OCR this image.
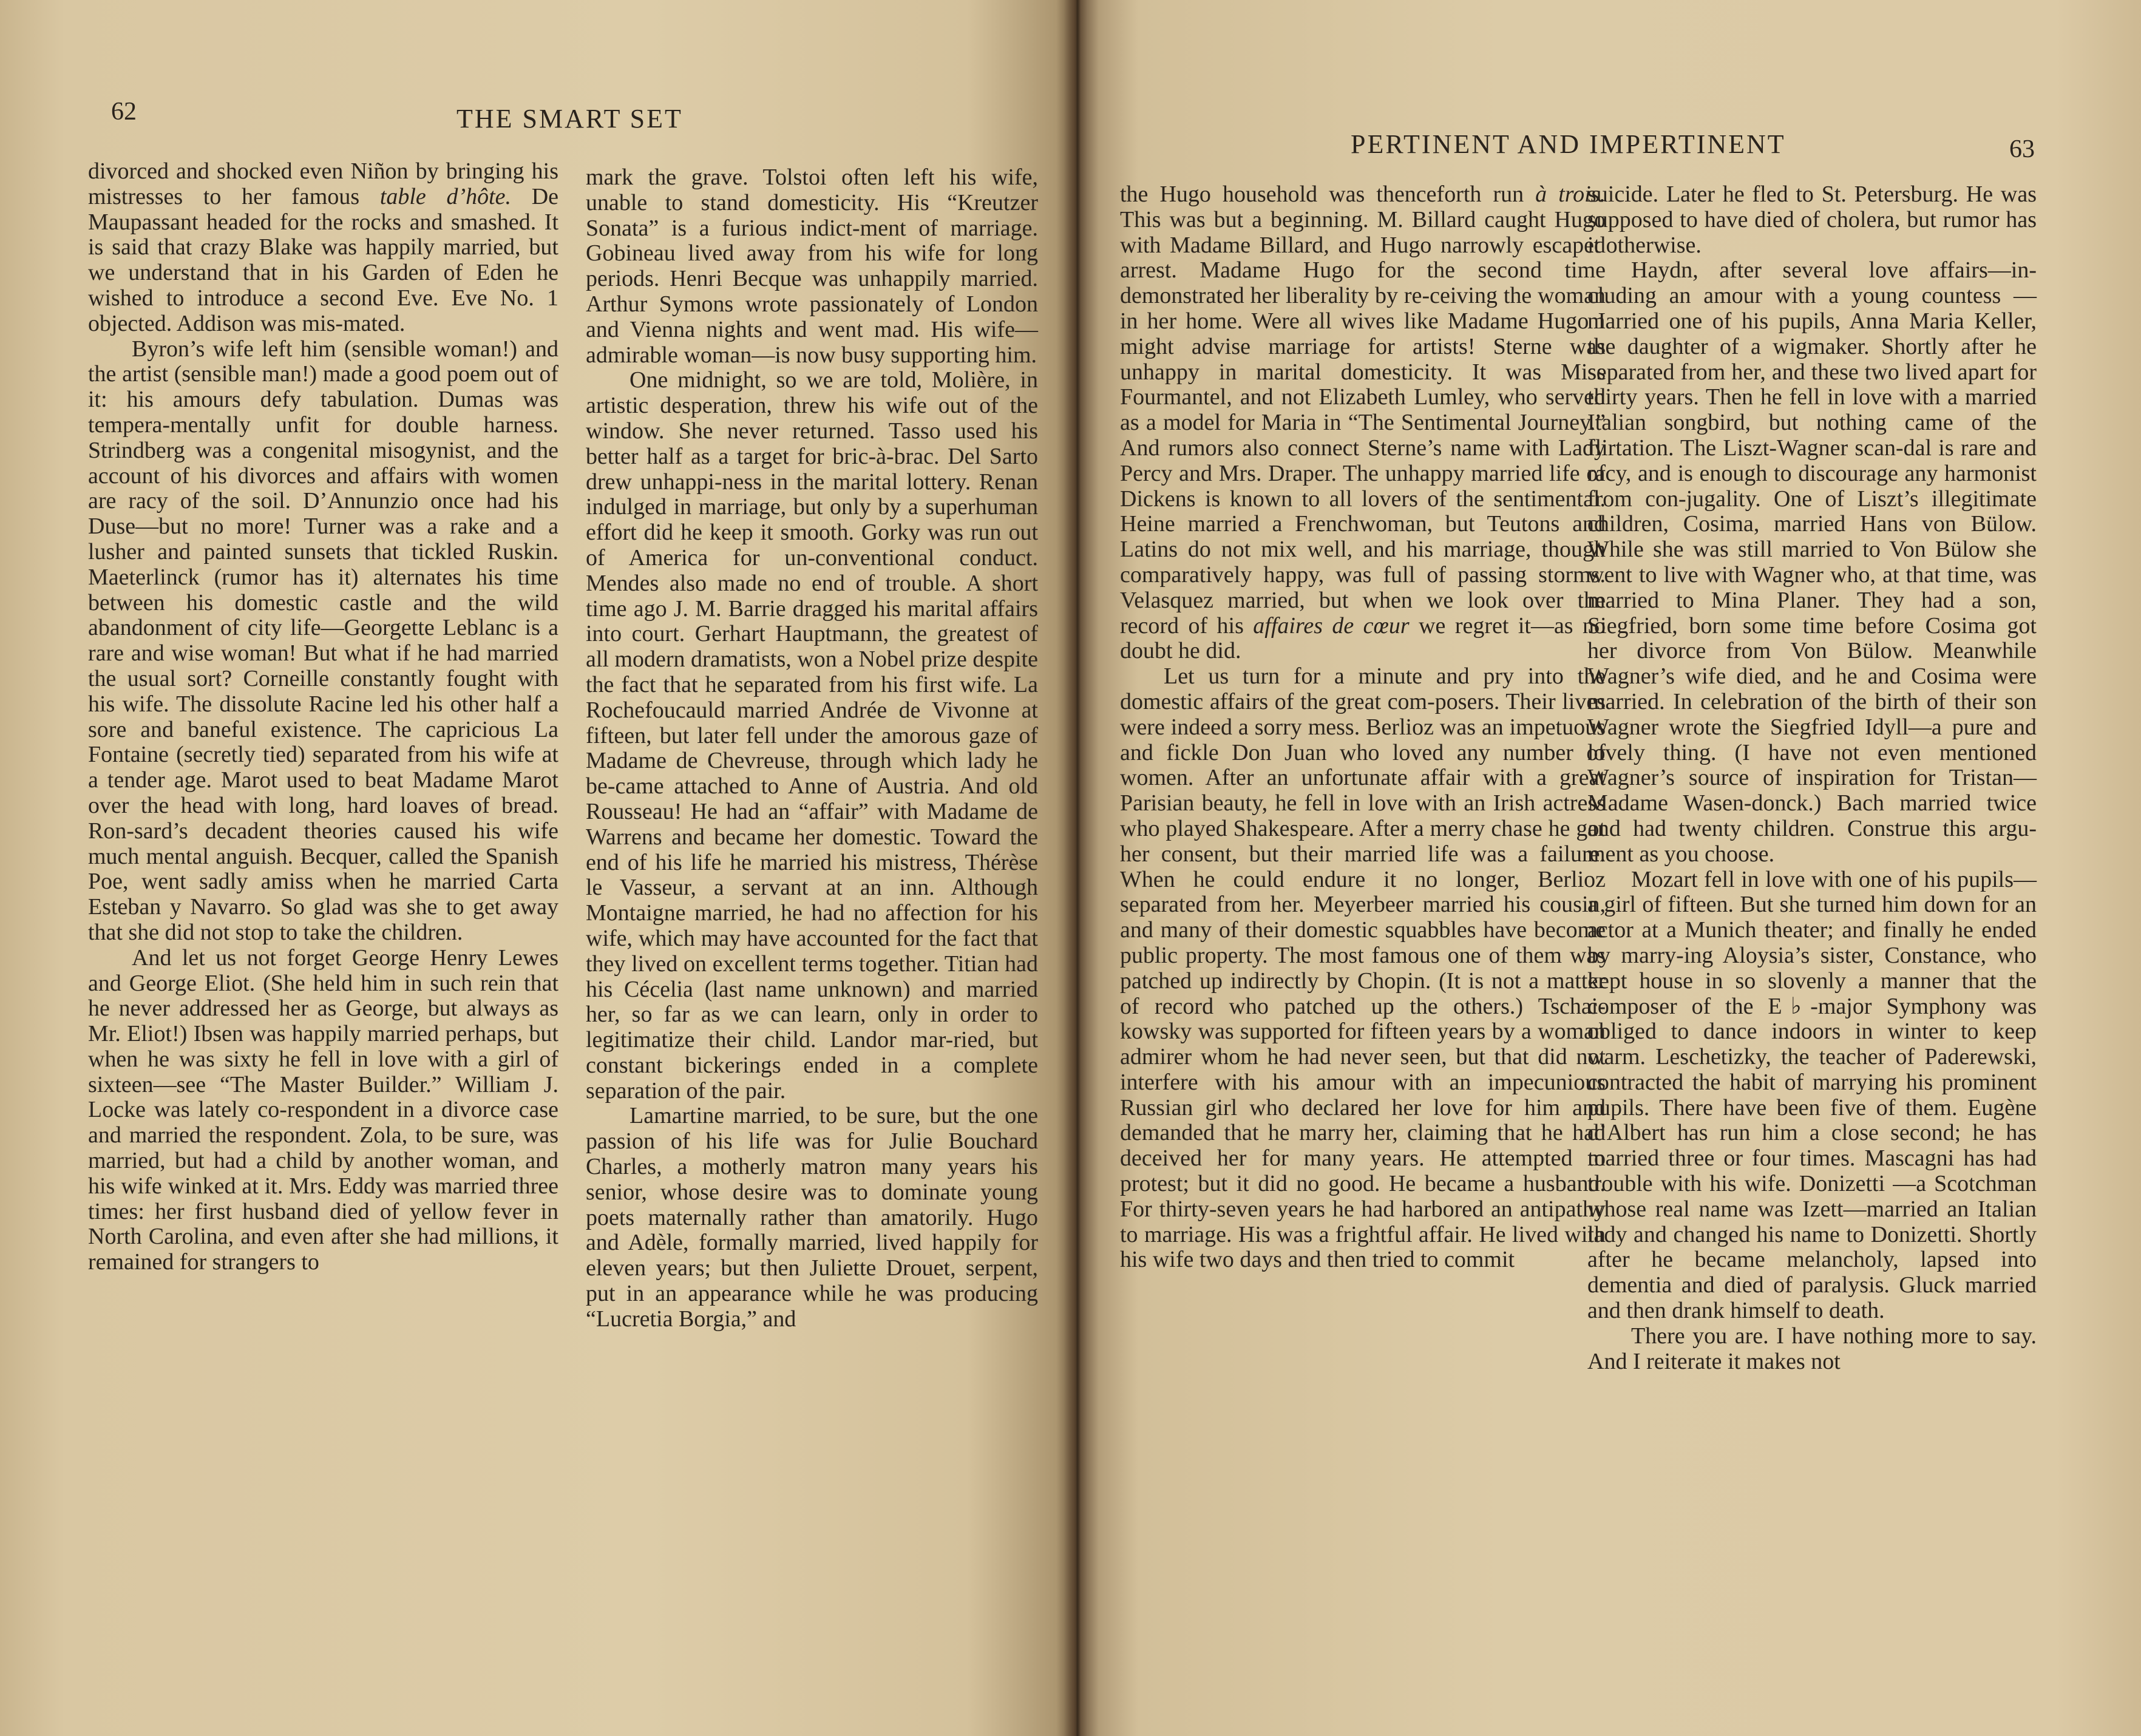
62	THE SMART SET

divorced and shocked even Niñon by bringing his mistresses to her famous table d’hôte. De Maupassant headed for the rocks and smashed. It is said that crazy Blake was happily married, but we understand that in his Garden of Eden he wished to introduce a second Eve. Eve No. 1 objected. Addison was mis-mated.

Byron’s wife left him (sensible woman!) and the artist (sensible man!) made a good poem out of it: his amours defy tabulation. Dumas was tempera-mentally unfit for double harness. Strindberg was a congenital misogynist, and the account of his divorces and affairs with women are racy of the soil. D’Annunzio once had his Duse—but no more! Turner was a rake and a lusher and painted sunsets that tickled Ruskin. Maeterlinck (rumor has it) alternates his time between his domestic castle and the wild abandonment of city life—Georgette Leblanc is a rare and wise woman! But what if he had married the usual sort? Corneille constantly fought with his wife. The dissolute Racine led his other half a sore and baneful existence. The capricious La Fontaine (secretly tied) separated from his wife at a tender age. Marot used to beat Madame Marot over the head with long, hard loaves of bread. Ron-sard’s decadent theories caused his wife much mental anguish. Becquer, called the Spanish Poe, went sadly amiss when he married Carta Esteban y Navarro. So glad was she to get away that she did not stop to take the children.

And let us not forget George Henry Lewes and George Eliot. (She held him in such rein that he never addressed her as George, but always as Mr. Eliot!) Ibsen was happily married perhaps, but when he was sixty he fell in love with a girl of sixteen—see “The Master Builder.” William J. Locke was lately co-respondent in a divorce case and married the respondent. Zola, to be sure, was married, but had a child by another woman, and his wife winked at it. Mrs. Eddy was married three times: her first husband died of yellow fever in North Carolina, and even after she had millions, it remained for strangers to

mark the grave. Tolstoi often left his wife, unable to stand domesticity. His “Kreutzer Sonata” is a furious indict-ment of marriage. Gobineau lived away from his wife for long periods. Henri Becque was unhappily married. Arthur Symons wrote passionately of London and Vienna nights and went mad. His wife—admirable woman—is now busy supporting him.

One midnight, so we are told, Molière, in artistic desperation, threw his wife out of the window. She never returned. Tasso used his better half as a target for bric-à-brac. Del Sarto drew unhappi-ness in the marital lottery. Renan indulged in marriage, but only by a superhuman effort did he keep it smooth. Gorky was run out of America for un-conventional conduct. Mendes also made no end of trouble. A short time ago J. M. Barrie dragged his marital affairs into court. Gerhart Hauptmann, the greatest of all modern dramatists, won a Nobel prize despite the fact that he separated from his first wife. La Rochefoucauld married Andrée de Vivonne at fifteen, but later fell under the amorous gaze of Madame de Chevreuse, through which lady he be-came attached to Anne of Austria. And old Rousseau! He had an “affair” with Madame de Warrens and became her domestic. Toward the end of his life he married his mistress, Thérèse le Vasseur, a servant at an inn. Although Montaigne married, he had no affection for his wife, which may have accounted for the fact that they lived on excellent terms together. Titian had his Cécelia (last name unknown) and married her, so far as we can learn, only in order to legitimatize their child. Landor mar-ried, but constant bickerings ended in a complete separation of the pair.

Lamartine married, to be sure, but the one passion of his life was for Julie Bouchard Charles, a motherly matron many years his senior, whose desire was to dominate young poets maternally rather than amatorily. Hugo and Adèle, formally married, lived happily for eleven years; but then Juliette Drouet, serpent, put in an appearance while he was producing “Lucretia Borgia,” and

PERTINENT AND IMPERTINENT	63

the Hugo household was thenceforth run à trois. This was but a beginning. M. Billard caught Hugo with Madame Billard, and Hugo narrowly escaped arrest. Madame Hugo for the second time demonstrated her liberality by re-ceiving the woman in her home. Were all wives like Madame Hugo I might advise marriage for artists! Sterne was unhappy in marital domesticity. It was Miss Fourmantel, and not Elizabeth Lumley, who served as a model for Maria in “The Sentimental Journey.” And rumors also connect Sterne’s name with Lady Percy and Mrs. Draper. The unhappy married life of Dickens is known to all lovers of the sentimental. Heine married a Frenchwoman, but Teutons and Latins do not mix well, and his marriage, though comparatively happy, was full of passing storms. Velasquez married, but when we look over the record of his affaires de cœur we regret it—as no doubt he did.

Let us turn for a minute and pry into the domestic affairs of the great com-posers. Their lives were indeed a sorry mess. Berlioz was an impetuous and fickle Don Juan who loved any number of women. After an unfortunate affair with a great Parisian beauty, he fell in love with an Irish actress who played Shakespeare. After a merry chase he got her consent, but their married life was a failure. When he could endure it no longer, Berlioz separated from her. Meyerbeer married his cousin, and many of their domestic squabbles have become public property. The most famous one of them was patched up indirectly by Chopin. (It is not a matter of record who patched up the others.) Tschai-kowsky was supported for fifteen years by a woman admirer whom he had never seen, but that did not interfere with his amour with an impecunious Russian girl who declared her love for him and demanded that he marry her, claiming that he had deceived her for many years. He attempted to protest; but it did no good. He became a husband. For thirty-seven years he had harbored an antipathy to marriage. His was a frightful affair. He lived with his wife two days and then tried to commit

suicide. Later he fled to St. Petersburg. He was supposed to have died of cholera, but rumor has it otherwise.

Haydn, after several love affairs—in-cluding an amour with a young countess —married one of his pupils, Anna Maria Keller, the daughter of a wigmaker. Shortly after he separated from her, and these two lived apart for thirty years. Then he fell in love with a married Italian songbird, but nothing came of the flirtation. The Liszt-Wagner scan-dal is rare and racy, and is enough to discourage any harmonist from con-jugality. One of Liszt’s illegitimate children, Cosima, married Hans von Bülow. While she was still married to Von Bülow she went to live with Wagner who, at that time, was married to Mina Planer. They had a son, Siegfried, born some time before Cosima got her divorce from Von Bülow. Meanwhile Wagner’s wife died, and he and Cosima were married. In celebration of the birth of their son Wagner wrote the Siegfried Idyll—a pure and lovely thing. (I have not even mentioned Wagner’s source of inspiration for Tristan—Madame Wasen-donck.) Bach married twice and had twenty children. Construe this argu-ment as you choose.

Mozart fell in love with one of his pupils—a girl of fifteen. But she turned him down for an actor at a Munich theater; and finally he ended by marry-ing Aloysia’s sister, Constance, who kept house in so slovenly a manner that the composer of the E♭-major Symphony was obliged to dance indoors in winter to keep warm. Leschetizky, the teacher of Paderewski, contracted the habit of marrying his prominent pupils. There have been five of them. Eugène d’Albert has run him a close second; he has married three or four times. Mascagni has had trouble with his wife. Donizetti —a Scotchman whose real name was Izett—married an Italian lady and changed his name to Donizetti. Shortly after he became melancholy, lapsed into dementia and died of paralysis. Gluck married and then drank himself to death.

There you are. I have nothing more to say. And I reiterate it makes not
